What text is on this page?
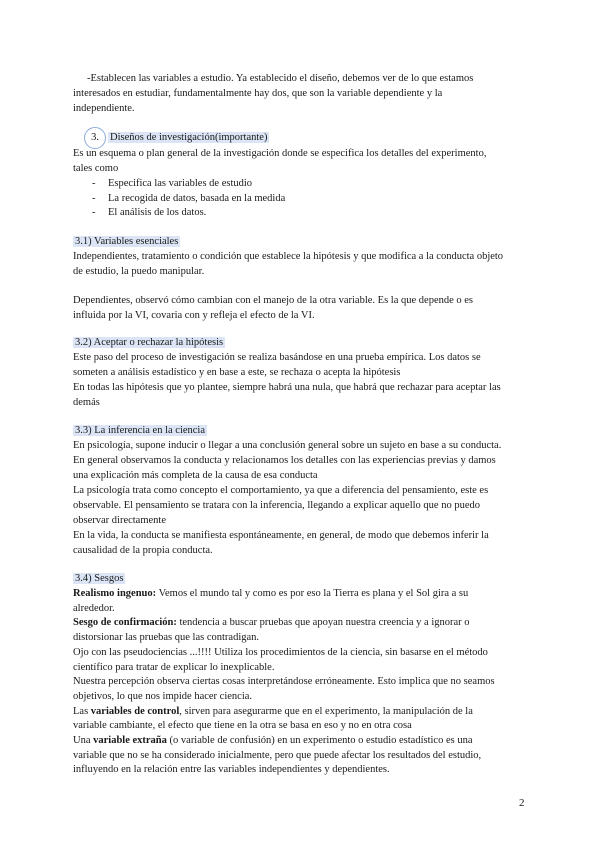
-Establecen las variables a estudio. Ya establecido el diseño, debemos ver de lo que estamos
interesados en estudiar, fundamentalmente hay dos, que son la variable dependiente y la
independiente.
3. Diseños de investigación(importante)
Es un esquema o plan general de la investigación donde se especifica los detalles del experimento,
tales como
- Especifica las variables de estudio
- La recogida de datos, basada en la medida
- El análisis de los datos.
3.1) Variables esenciales
Independientes, tratamiento o condición que establece la hipótesis y que modifica a la conducta objeto
de estudio, la puedo manipular.
Dependientes, observó cómo cambian con el manejo de la otra variable. Es la que depende o es
influida por la VI, covaria con y refleja el efecto de la VI.
3.2) Aceptar o rechazar la hipótesis
Este paso del proceso de investigación se realiza basándose en una prueba empírica. Los datos se
someten a análisis estadístico y en base a este, se rechaza o acepta la hipótesis
En todas las hipótesis que yo plantee, siempre habrá una nula, que habrá que rechazar para aceptar las
demás
3.3) La inferencia en la ciencia
En psicología, supone inducir o llegar a una conclusión general sobre un sujeto en base a su conducta.
En general observamos la conducta y relacionamos los detalles con las experiencias previas y damos
una explicación más completa de la causa de esa conducta
La psicología trata como concepto el comportamiento, ya que a diferencia del pensamiento, este es
observable. El pensamiento se tratara con la inferencia, llegando a explicar aquello que no puedo
observar directamente
En la vida, la conducta se manifiesta espontáneamente, en general, de modo que debemos inferir la
causalidad de la propia conducta.
3.4) Sesgos
Realismo ingenuo: Vemos el mundo tal y como es por eso la Tierra es plana y el Sol gira a su
alrededor.
Sesgo de confirmación: tendencia a buscar pruebas que apoyan nuestra creencia y a ignorar o
distorsionar las pruebas que las contradigan.
Ojo con las pseudociencias ...!!!! Utiliza los procedimientos de la ciencia, sin basarse en el método
científico para tratar de explicar lo inexplicable.
Nuestra percepción observa ciertas cosas interpretándose erróneamente. Esto implica que no seamos
objetivos, lo que nos impide hacer ciencia.
Las variables de control, sirven para asegurarme que en el experimento, la manipulación de la
variable cambiante, el efecto que tiene en la otra se basa en eso y no en otra cosa
Una variable extraña (o variable de confusión) en un experimento o estudio estadístico es una
variable que no se ha considerado inicialmente, pero que puede afectar los resultados del estudio,
influyendo en la relación entre las variables independientes y dependientes.
2
